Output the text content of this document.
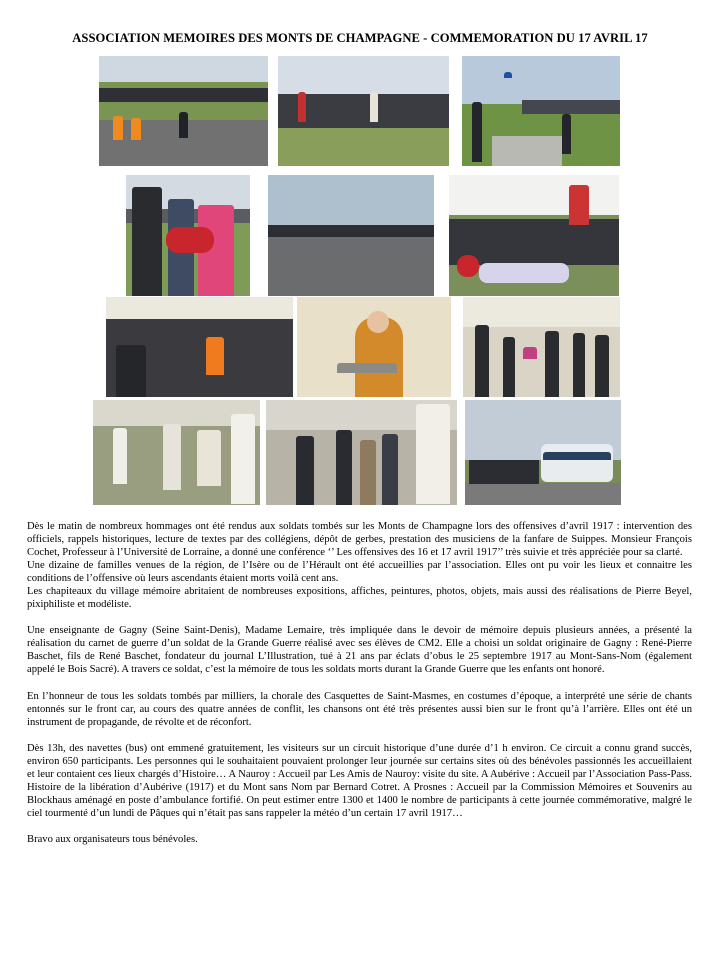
ASSOCIATION MEMOIRES DES MONTS DE CHAMPAGNE - COMMEMORATION DU 17 AVRIL 17

Dès le matin de nombreux hommages ont été rendus aux soldats tombés sur les Monts de Champagne lors des offensives d’avril 1917 : intervention des officiels, rappels historiques, lecture de textes par des collégiens, dépôt de gerbes, prestation des musiciens de la fanfare de Suippes. Monsieur François Cochet, Professeur à l’Université de Lorraine, a donné une conférence ‘’ Les offensives des 16 et 17 avril 1917’’ très suivie et très appréciée pour sa clarté.

Une dizaine de familles venues de la région, de l’Isère ou de l’Hérault ont été accueillies par l’association. Elles ont pu voir les lieux et connaitre les conditions de l’offensive où leurs ascendants étaient morts voilà cent ans.

Les chapiteaux du village mémoire abritaient de nombreuses expositions, affiches, peintures, photos, objets, mais aussi des réalisations de Pierre Beyel, pixiphiliste et modéliste.

Une enseignante de Gagny (Seine Saint-Denis), Madame Lemaire, très impliquée dans le devoir de mémoire depuis plusieurs années, a présenté la réalisation du carnet de guerre d’un soldat de la Grande Guerre réalisé avec ses élèves de CM2. Elle a choisi un soldat originaire de Gagny : René-Pierre Baschet, fils de René Baschet, fondateur du journal L’Illustration, tué à 21 ans par éclats d’obus le 25 septembre 1917 au Mont-Sans-Nom (également appelé le Bois Sacré). A travers ce soldat, c’est la mémoire de tous les soldats morts durant la Grande Guerre que les enfants ont honoré.

En l’honneur de tous les soldats tombés par milliers, la chorale des Casquettes de Saint-Masmes, en costumes d’époque, a interprété une série de chants entonnés sur le front car, au cours des quatre années de conflit, les chansons ont été très présentes aussi bien sur le front qu’à l’arrière. Elles ont été un instrument de propagande, de révolte et de réconfort.

Dès 13h, des navettes (bus) ont emmené gratuitement, les visiteurs sur un circuit historique d’une durée d’1 h environ. Ce circuit a connu grand succès, environ 650 participants. Les personnes qui le souhaitaient pouvaient prolonger leur journée sur certains sites où des bénévoles passionnés les accueillaient et leur contaient ces lieux chargés d’Histoire… A Nauroy : Accueil par Les Amis de Nauroy: visite du site. A Aubérive : Accueil par l’Association Pass-Pass. Histoire de la libération d’Aubérive (1917) et du Mont sans Nom par Bernard Cotret. A Prosnes : Accueil par la Commission Mémoires et Souvenirs au Blockhaus aménagé en poste d’ambulance fortifié. On peut estimer entre 1300 et 1400 le nombre de participants à cette journée commémorative, malgré le ciel tourmenté d’un lundi de Pâques qui n’était pas sans rappeler la météo d’un certain 17 avril 1917…

Bravo aux organisateurs tous bénévoles.
